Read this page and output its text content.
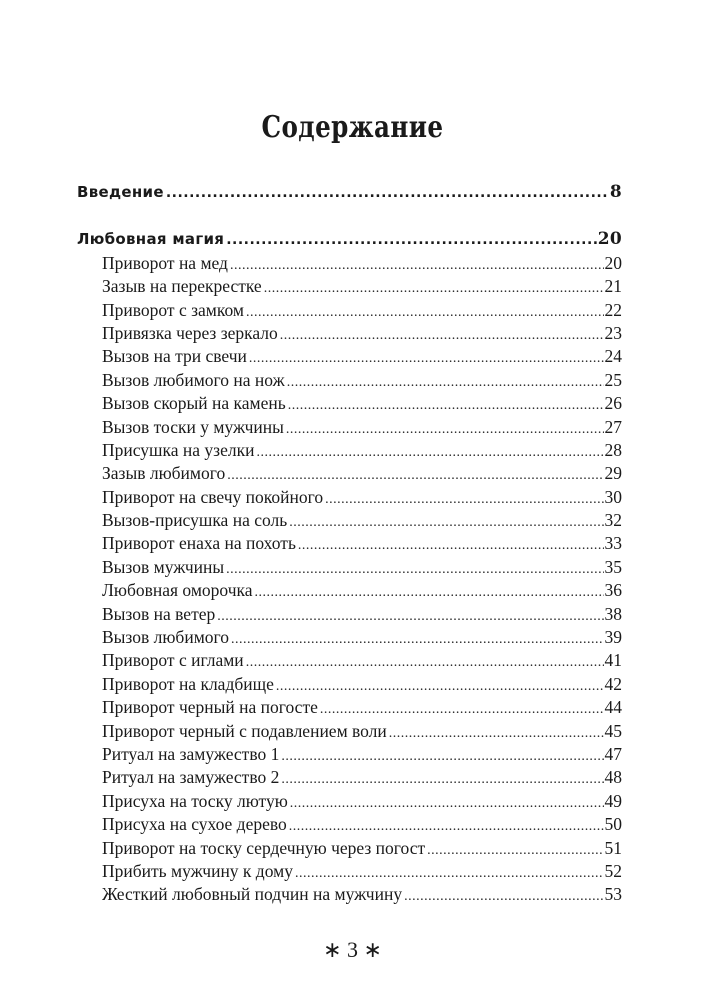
Содержание
Введение .....	8
Любовная магия .....	20
Приворот на мед .....	20
Зазыв на перекрестке .....	21
Приворот с замком .....	22
Привязка через зеркало .....	23
Вызов на три свечи .....	24
Вызов любимого на нож .....	25
Вызов скорый на камень .....	26
Вызов тоски у мужчины .....	27
Присушка на узелки .....	28
Зазыв любимого .....	29
Приворот на свечу покойного .....	30
Вызов-присушка на соль .....	32
Приворот енаха на похоть .....	33
Вызов мужчины .....	35
Любовная оморочка .....	36
Вызов на ветер .....	38
Вызов любимого .....	39
Приворот с иглами .....	41
Приворот на кладбище .....	42
Приворот черный на погосте .....	44
Приворот черный с подавлением воли .....	45
Ритуал на замужество 1 .....	47
Ритуал на замужество 2 .....	48
Присуха на тоску лютую .....	49
Присуха на сухое дерево .....	50
Приворот на тоску сердечную через погост .....	51
Прибить мужчину к дому .....	52
Жесткий любовный подчин на мужчину .....	53
∗ 3 ∗
